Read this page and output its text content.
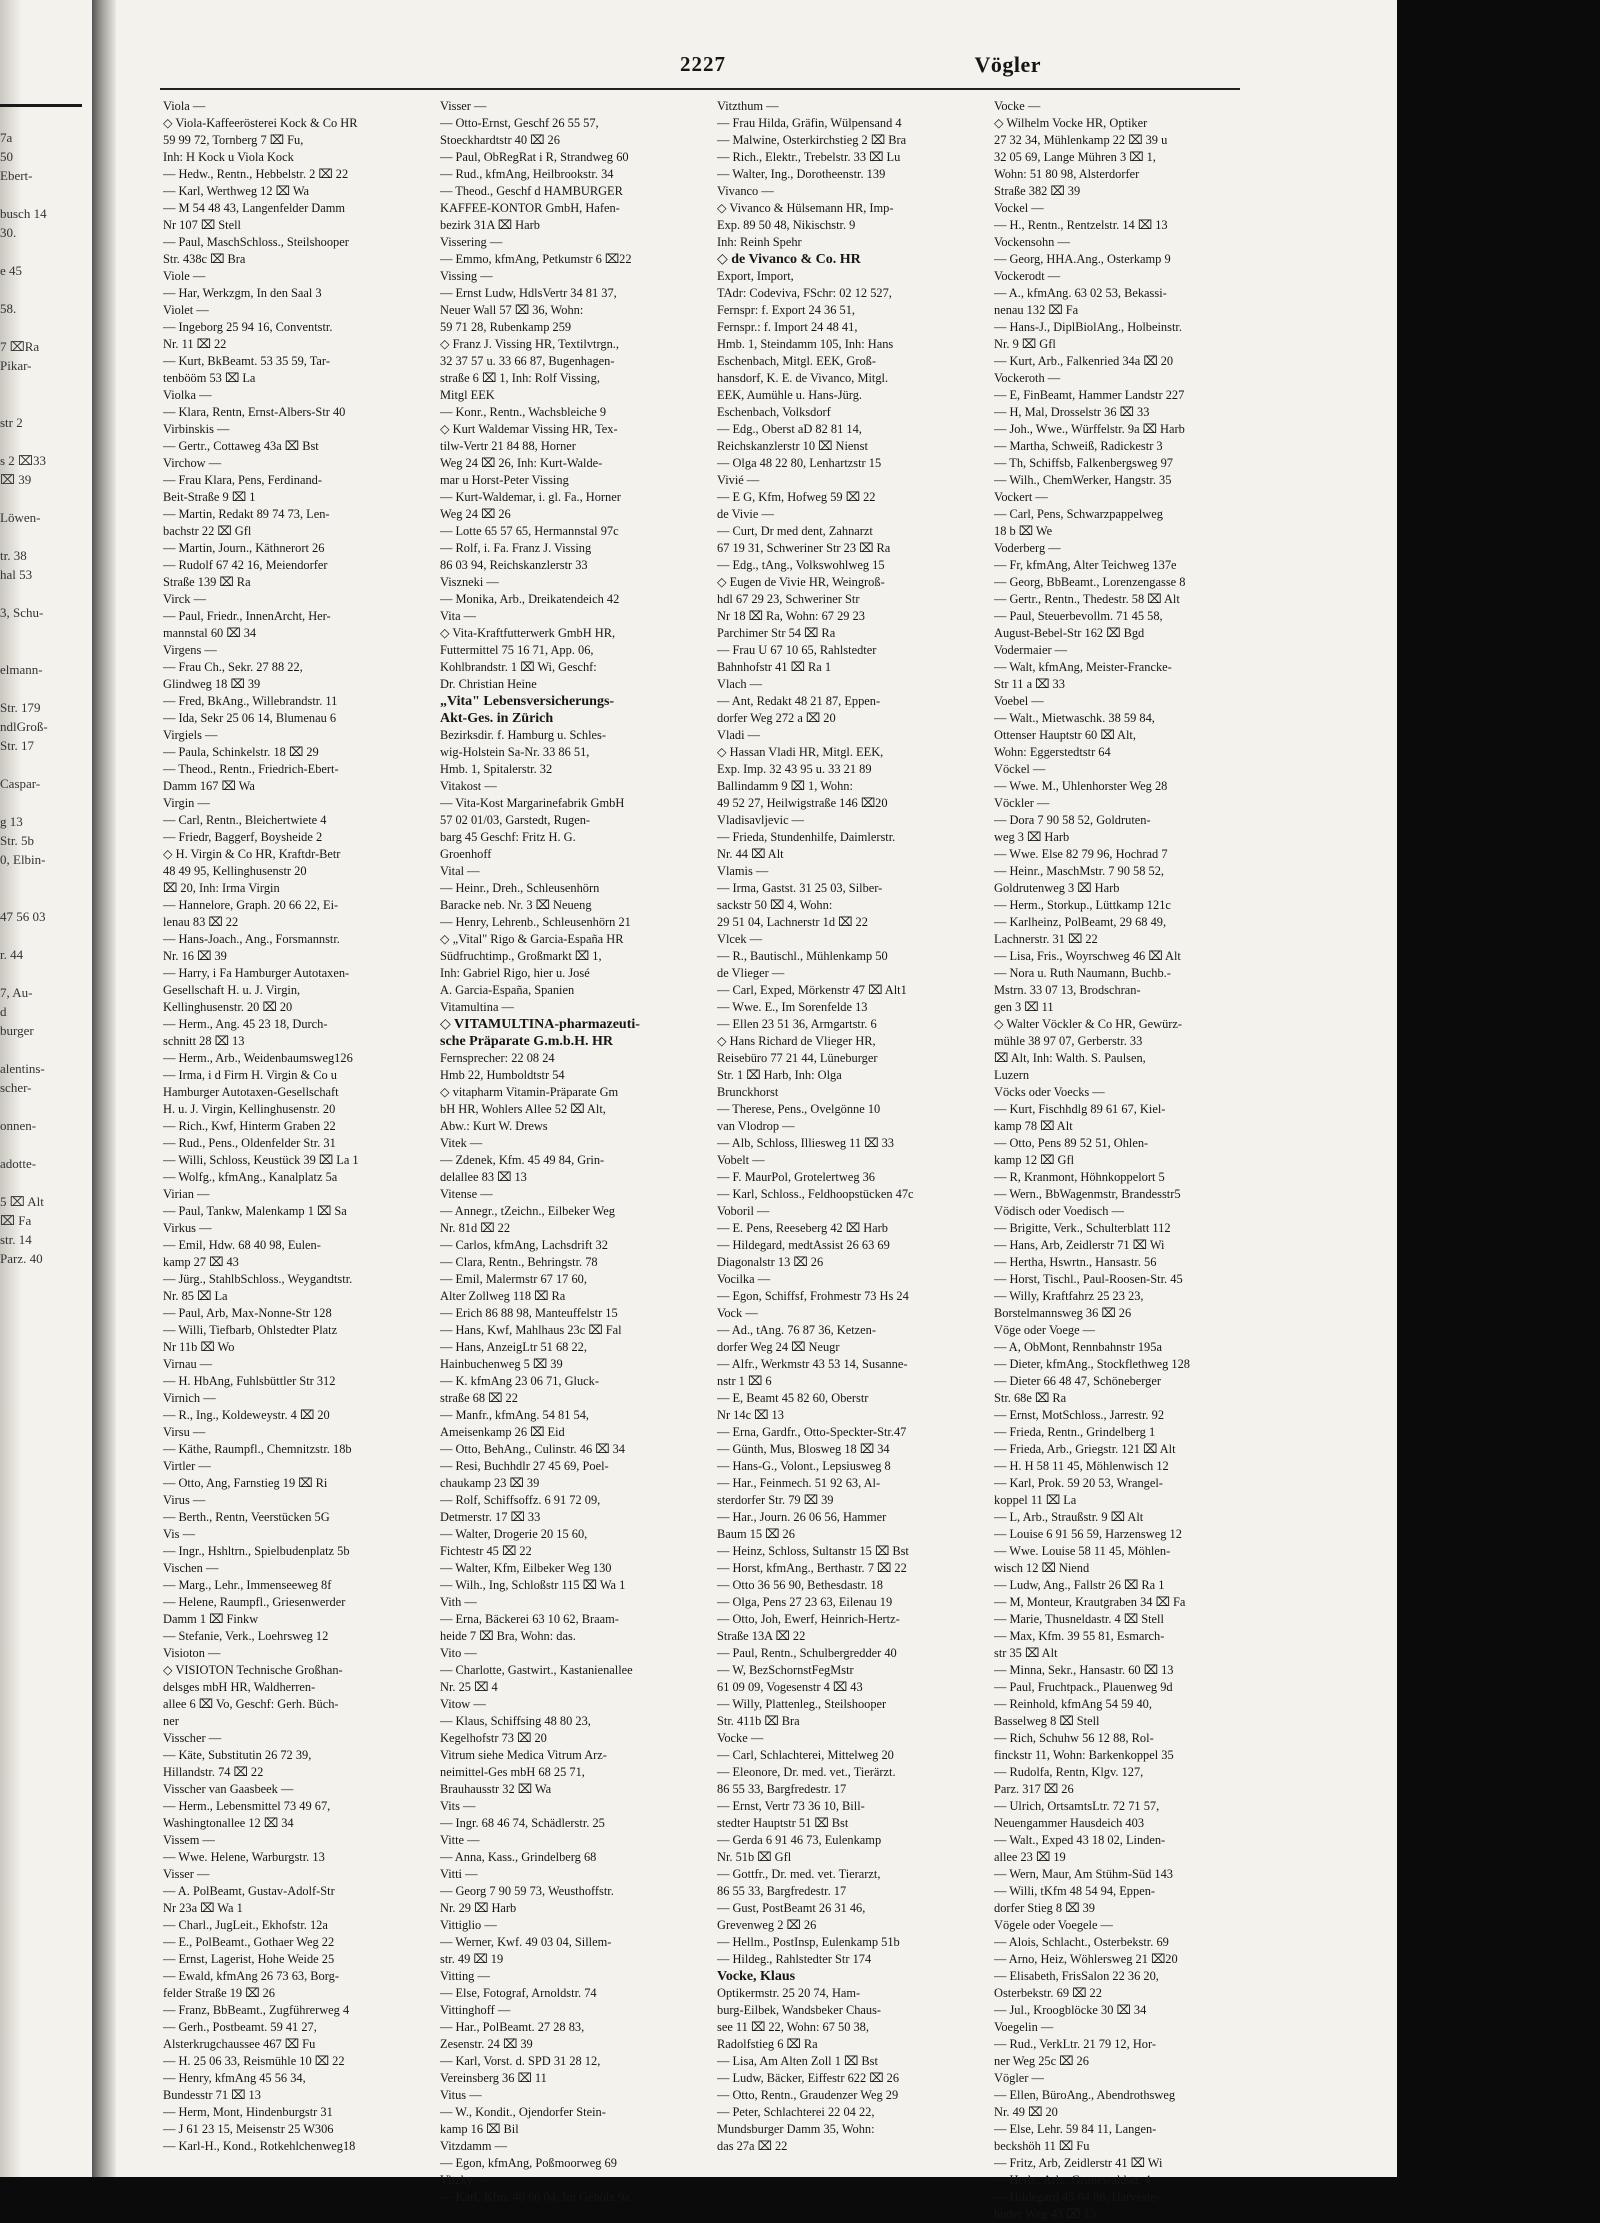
7a
50
Ebert-

busch 14
30.

e 45

58.

7 ⌧Ra
Pikar-

str 2

s 2 ⌧33
⌧ 39

Löwen-

tr. 38
hal 53

3, Schu-

elmann-

Str. 179
ndlGroß-
Str. 17

Caspar-

g 13
Str. 5b
0, Elbin-

47 56 03

r. 44

7, Au-
d
burger

alentins-
scher-

onnen-

adotte-

5 ⌧ Alt
⌧ Fa
str. 14
Parz. 40
2227	Vögler
Viola —
◇ Viola-Kaffeerösterei Kock & Co HR
59 99 72, Tornberg 7 ⌧ Fu,
Inh: H Kock u Viola Kock
— Hedw., Rentn., Hebbelstr. 2 ⌧ 22
— Karl, Werthweg 12 ⌧ Wa
— M 54 48 43, Langenfelder Damm
Nr 107 ⌧ Stell
— Paul, MaschSchloss., Steilshooper
Str. 438c ⌧ Bra
Viole —
— Har, Werkzgm, In den Saal 3
Violet —
— Ingeborg 25 94 16, Conventstr.
Nr. 11 ⌧ 22
— Kurt, BkBeamt. 53 35 59, Tar-
tenbööm 53 ⌧ La
Violka —
— Klara, Rentn, Ernst-Albers-Str 40
Virbinskis —
— Gertr., Cottaweg 43a ⌧ Bst
Virchow —
— Frau Klara, Pens, Ferdinand-
Beit-Straße 9 ⌧ 1
— Martin, Redakt 89 74 73, Len-
bachstr 22 ⌧ Gfl
— Martin, Journ., Käthnerort 26
— Rudolf 67 42 16, Meiendorfer
Straße 139 ⌧ Ra
Virck —
— Paul, Friedr., InnenArcht, Her-
mannstal 60 ⌧ 34
Virgens —
— Frau Ch., Sekr. 27 88 22,
Glindweg 18 ⌧ 39
— Fred, BkAng., Willebrandstr. 11
— Ida, Sekr 25 06 14, Blumenau 6
Virgiels —
— Paula, Schinkelstr. 18 ⌧ 29
— Theod., Rentn., Friedrich-Ebert-
Damm 167 ⌧ Wa
Virgin —
— Carl, Rentn., Bleichertwiete 4
— Friedr, Baggerf, Boysheide 2
◇ H. Virgin & Co HR, Kraftdr-Betr
48 49 95, Kellinghusenstr 20
⌧ 20, Inh: Irma Virgin
— Hannelore, Graph. 20 66 22, Ei-
lenau 83 ⌧ 22
— Hans-Joach., Ang., Forsmannstr.
Nr. 16 ⌧ 39
— Harry, i Fa Hamburger Autotaxen-
Gesellschaft H. u. J. Virgin,
Kellinghusenstr. 20 ⌧ 20
— Herm., Ang. 45 23 18, Durch-
schnitt 28 ⌧ 13
— Herm., Arb., Weidenbaumsweg126
— Irma, i d Firm H. Virgin & Co u
Hamburger Autotaxen-Gesellschaft
H. u. J. Virgin, Kellinghusenstr. 20
— Rich., Kwf, Hinterm Graben 22
— Rud., Pens., Oldenfelder Str. 31
— Willi, Schloss, Keustück 39 ⌧ La 1
— Wolfg., kfmAng., Kanalplatz 5a
Virian —
— Paul, Tankw, Malenkamp 1 ⌧ Sa
Virkus —
— Emil, Hdw. 68 40 98, Eulen-
kamp 27 ⌧ 43
— Jürg., StahlbSchloss., Weygandtstr.
Nr. 85 ⌧ La
— Paul, Arb, Max-Nonne-Str 128
— Willi, Tiefbarb, Ohlstedter Platz
Nr 11b ⌧ Wo
Virnau —
— H. HbAng, Fuhlsbüttler Str 312
Virnich —
— R., Ing., Koldeweystr. 4 ⌧ 20
Virsu —
— Käthe, Raumpfl., Chemnitzstr. 18b
Virtler —
— Otto, Ang, Farnstieg 19 ⌧ Ri
Virus —
— Berth., Rentn, Veerstücken 5G
Vis —
— Ingr., Hshltrn., Spielbudenplatz 5b
Vischen —
— Marg., Lehr., Immenseeweg 8f
— Helene, Raumpfl., Griesenwerder
Damm 1 ⌧ Finkw
— Stefanie, Verk., Loehrsweg 12
Visioton —
◇ VISIOTON Technische Großhan-
delsges mbH HR, Waldherren-
allee 6 ⌧ Vo, Geschf: Gerh. Büch-
ner
Visscher —
— Käte, Substitutin 26 72 39,
Hillandstr. 74 ⌧ 22
Visscher van Gaasbeek —
— Herm., Lebensmittel 73 49 67,
Washingtonallee 12 ⌧ 34
Vissem —
— Wwe. Helene, Warburgstr. 13
Visser —
— A. PolBeamt, Gustav-Adolf-Str
Nr 23a ⌧ Wa 1
— Charl., JugLeit., Ekhofstr. 12a
— E., PolBeamt., Gothaer Weg 22
— Ernst, Lagerist, Hohe Weide 25
— Ewald, kfmAng 26 73 63, Borg-
felder Straße 19 ⌧ 26
— Franz, BbBeamt., Zugführerweg 4
— Gerh., Postbeamt. 59 41 27,
Alsterkrugchaussee 467 ⌧ Fu
— H. 25 06 33, Reismühle 10 ⌧ 22
— Henry, kfmAng 45 56 34,
Bundesstr 71 ⌧ 13
— Herm, Mont, Hindenburgstr 31
— J 61 23 15, Meisenstr 25 W306
— Karl-H., Kond., Rotkehlchenweg18
Visser —
— Otto-Ernst, Geschf 26 55 57,
Stoeckhardtstr 40 ⌧ 26
— Paul, ObRegRat i R, Strandweg 60
— Rud., kfmAng, Heilbrookstr. 34
— Theod., Geschf d HAMBURGER
KAFFEE-KONTOR GmbH, Hafen-
bezirk 31A ⌧ Harb
Vissering —
— Emmo, kfmAng, Petkumstr 6 ⌧22
Vissing —
— Ernst Ludw, HdlsVertr 34 81 37,
Neuer Wall 57 ⌧ 36, Wohn:
59 71 28, Rubenkamp 259
◇ Franz J. Vissing HR, Textilvtrgn.,
32 37 57 u. 33 66 87, Bugenhagen-
straße 6 ⌧ 1, Inh: Rolf Vissing,
Mitgl EEK
— Konr., Rentn., Wachsbleiche 9
◇ Kurt Waldemar Vissing HR, Tex-
tilw-Vertr 21 84 88, Horner
Weg 24 ⌧ 26, Inh: Kurt-Walde-
mar u Horst-Peter Vissing
— Kurt-Waldemar, i. gl. Fa., Horner
Weg 24 ⌧ 26
— Lotte 65 57 65, Hermannstal 97c
— Rolf, i. Fa. Franz J. Vissing
86 03 94, Reichskanzlerstr 33
Viszneki —
— Monika, Arb., Dreikatendeich 42
Vita —
◇ Vita-Kraftfutterwerk GmbH HR,
Futtermittel 75 16 71, App. 06,
Kohlbrandstr. 1 ⌧ Wi, Geschf:
Dr. Christian Heine
„Vita" Lebensversicherungs-
Akt-Ges. in Zürich
Bezirksdir. f. Hamburg u. Schles-
wig-Holstein Sa-Nr. 33 86 51,
Hmb. 1, Spitalerstr. 32
Vitakost —
— Vita-Kost Margarinefabrik GmbH
57 02 01/03, Garstedt, Rugen-
barg 45 Geschf: Fritz H. G.
Groenhoff
Vital —
— Heinr., Dreh., Schleusenhörn
Baracke neb. Nr. 3 ⌧ Neueng
— Henry, Lehrenb., Schleusenhörn 21
◇ „Vital" Rigo & Garcia-España HR
Südfruchtimp., Großmarkt ⌧ 1,
Inh: Gabriel Rigo, hier u. José
A. Garcia-España, Spanien
Vitamultina —
◇ VITAMULTINA-pharmazeuti-
sche Präparate G.m.b.H. HR
Fernsprecher: 22 08 24
Hmb 22, Humboldtstr 54
◇ vitapharm Vitamin-Präparate Gm
bH HR, Wohlers Allee 52 ⌧ Alt,
Abw.: Kurt W. Drews
Vitek —
— Zdenek, Kfm. 45 49 84, Grin-
delallee 83 ⌧ 13
Vitense —
— Annegr., tZeichn., Eilbeker Weg
Nr. 81d ⌧ 22
— Carlos, kfmAng, Lachsdrift 32
— Clara, Rentn., Behringstr. 78
— Emil, Malermstr 67 17 60,
Alter Zollweg 118 ⌧ Ra
— Erich 86 88 98, Manteuffelstr 15
— Hans, Kwf, Mahlhaus 23c ⌧ Fal
— Hans, AnzeigLtr 51 68 22,
Hainbuchenweg 5 ⌧ 39
— K. kfmAng 23 06 71, Gluck-
straße 68 ⌧ 22
— Manfr., kfmAng. 54 81 54,
Ameisenkamp 26 ⌧ Eid
— Otto, BehAng., Culinstr. 46 ⌧ 34
— Resi, Buchhdlr 27 45 69, Poel-
chaukamp 23 ⌧ 39
— Rolf, Schiffsoffz. 6 91 72 09,
Detmerstr. 17 ⌧ 33
— Walter, Drogerie 20 15 60,
Fichtestr 45 ⌧ 22
— Walter, Kfm, Eilbeker Weg 130
— Wilh., Ing, Schloßstr 115 ⌧ Wa 1
Vith —
— Erna, Bäckerei 63 10 62, Braam-
heide 7 ⌧ Bra, Wohn: das.
Vito —
— Charlotte, Gastwirt., Kastanienallee
Nr. 25 ⌧ 4
Vitow —
— Klaus, Schiffsing 48 80 23,
Kegelhofstr 73 ⌧ 20
Vitrum siehe Medica Vitrum Arz-
neimittel-Ges mbH 68 25 71,
Brauhausstr 32 ⌧ Wa
Vits —
— Ingr. 68 46 74, Schädlerstr. 25
Vitte —
— Anna, Kass., Grindelberg 68
Vitti —
— Georg 7 90 59 73, Weusthoffstr.
Nr. 29 ⌧ Harb
Vittiglio —
— Werner, Kwf. 49 03 04, Sillem-
str. 49 ⌧ 19
Vitting —
— Else, Fotograf, Arnoldstr. 74
Vittinghoff —
— Har., PolBeamt. 27 28 83,
Zesenstr. 24 ⌧ 39
— Karl, Vorst. d. SPD 31 28 12,
Vereinsberg 36 ⌧ 11
Vitus —
— W., Kondit., Ojendorfer Stein-
kamp 16 ⌧ Bil
Vitzdamm —
— Egon, kfmAng, Poßmoorweg 69
Vitzky —
— Karl, Kfm. 40 66 04, Im Gehölz 9a
Vitzthum —
— Frau Hilda, Gräfin, Wülpensand 4
— Malwine, Osterkirchstieg 2 ⌧ Bra
— Rich., Elektr., Trebelstr. 33 ⌧ Lu
— Walter, Ing., Dorotheenstr. 139
Vivanco —
◇ Vivanco & Hülsemann HR, Imp-
Exp. 89 50 48, Nikischstr. 9
Inh: Reinh Spehr
◇ de Vivanco & Co. HR
Export, Import,
TAdr: Codeviva, FSchr: 02 12 527,
Fernspr: f. Export 24 36 51,
Fernspr.: f. Import 24 48 41,
Hmb. 1, Steindamm 105, Inh: Hans
Eschenbach, Mitgl. EEK, Groß-
hansdorf, K. E. de Vivanco, Mitgl.
EEK, Aumühle u. Hans-Jürg.
Eschenbach, Volksdorf
— Edg., Oberst aD 82 81 14,
Reichskanzlerstr 10 ⌧ Nienst
— Olga 48 22 80, Lenhartzstr 15
Vivié —
— E G, Kfm, Hofweg 59 ⌧ 22
de Vivie —
— Curt, Dr med dent, Zahnarzt
67 19 31, Schweriner Str 23 ⌧ Ra
— Edg., tAng., Volkswohlweg 15
◇ Eugen de Vivie HR, Weingroß-
hdl 67 29 23, Schweriner Str
Nr 18 ⌧ Ra, Wohn: 67 29 23
Parchimer Str 54 ⌧ Ra
— Frau U 67 10 65, Rahlstedter
Bahnhofstr 41 ⌧ Ra 1
Vlach —
— Ant, Redakt 48 21 87, Eppen-
dorfer Weg 272 a ⌧ 20
Vladi —
◇ Hassan Vladi HR, Mitgl. EEK,
Exp. Imp. 32 43 95 u. 33 21 89
Ballindamm 9 ⌧ 1, Wohn:
49 52 27, Heilwigstraße 146 ⌧20
Vladisavljevic —
— Frieda, Stundenhilfe, Daimlerstr.
Nr. 44 ⌧ Alt
Vlamis —
— Irma, Gastst. 31 25 03, Silber-
sackstr 50 ⌧ 4, Wohn:
29 51 04, Lachnerstr 1d ⌧ 22
Vlcek —
— R., Bautischl., Mühlenkamp 50
de Vlieger —
— Carl, Exped, Mörkenstr 47 ⌧ Alt1
— Wwe. E., Im Sorenfelde 13
— Ellen 23 51 36, Armgartstr. 6
◇ Hans Richard de Vlieger HR,
Reisebüro 77 21 44, Lüneburger
Str. 1 ⌧ Harb, Inh: Olga
Brunckhorst
— Therese, Pens., Ovelgönne 10
van Vlodrop —
— Alb, Schloss, Illiesweg 11 ⌧ 33
Vobelt —
— F. MaurPol, Grotelertweg 36
— Karl, Schloss., Feldhoopstücken 47c
Voboril —
— E. Pens, Reeseberg 42 ⌧ Harb
— Hildegard, medtAssist 26 63 69
Diagonalstr 13 ⌧ 26
Vocilka —
— Egon, Schiffsf, Frohmestr 73 Hs 24
Vock —
— Ad., tAng. 76 87 36, Ketzen-
dorfer Weg 24 ⌧ Neugr
— Alfr., Werkmstr 43 53 14, Susanne-
nstr 1 ⌧ 6
— E, Beamt 45 82 60, Oberstr
Nr 14c ⌧ 13
— Erna, Gardfr., Otto-Speckter-Str.47
— Günth, Mus, Blosweg 18 ⌧ 34
— Hans-G., Volont., Lepsiusweg 8
— Har., Feinmech. 51 92 63, Al-
sterdorfer Str. 79 ⌧ 39
— Har., Journ. 26 06 56, Hammer
Baum 15 ⌧ 26
— Heinz, Schloss, Sultanstr 15 ⌧ Bst
— Horst, kfmAng., Berthastr. 7 ⌧ 22
— Otto 36 56 90, Bethesdastr. 18
— Olga, Pens 27 23 63, Eilenau 19
— Otto, Joh, Ewerf, Heinrich-Hertz-
Straße 13A ⌧ 22
— Paul, Rentn., Schulbergredder 40
— W, BezSchornstFegMstr
61 09 09, Vogesenstr 4 ⌧ 43
— Willy, Plattenleg., Steilshooper
Str. 411b ⌧ Bra
Vocke —
— Carl, Schlachterei, Mittelweg 20
— Eleonore, Dr. med. vet., Tierärzt.
86 55 33, Bargfredestr. 17
— Ernst, Vertr 73 36 10, Bill-
stedter Hauptstr 51 ⌧ Bst
— Gerda 6 91 46 73, Eulenkamp
Nr. 51b ⌧ Gfl
— Gottfr., Dr. med. vet. Tierarzt,
86 55 33, Bargfredestr. 17
— Gust, PostBeamt 26 31 46,
Grevenweg 2 ⌧ 26
— Hellm., PostInsp, Eulenkamp 51b
— Hildeg., Rahlstedter Str 174
Vocke, Klaus
Optikermstr. 25 20 74, Ham-
burg-Eilbek, Wandsbeker Chaus-
see 11 ⌧ 22, Wohn: 67 50 38,
Radolfstieg 6 ⌧ Ra
— Lisa, Am Alten Zoll 1 ⌧ Bst
— Ludw, Bäcker, Eiffestr 622 ⌧ 26
— Otto, Rentn., Graudenzer Weg 29
— Peter, Schlachterei 22 04 22,
Mundsburger Damm 35, Wohn:
das 27a ⌧ 22
Vocke —
◇ Wilhelm Vocke HR, Optiker
27 32 34, Mühlenkamp 22 ⌧ 39 u
32 05 69, Lange Mühren 3 ⌧ 1,
Wohn: 51 80 98, Alsterdorfer
Straße 382 ⌧ 39
Vockel —
— H., Rentn., Rentzelstr. 14 ⌧ 13
Vockensohn —
— Georg, HHA.Ang., Osterkamp 9
Vockerodt —
— A., kfmAng. 63 02 53, Bekassi-
nenau 132 ⌧ Fa
— Hans-J., DiplBiolAng., Holbeinstr.
Nr. 9 ⌧ Gfl
— Kurt, Arb., Falkenried 34a ⌧ 20
Vockeroth —
— E, FinBeamt, Hammer Landstr 227
— H, Mal, Drosselstr 36 ⌧ 33
— Joh., Wwe., Würffelstr. 9a ⌧ Harb
— Martha, Schweiß, Radickestr 3
— Th, Schiffsb, Falkenbergsweg 97
— Wilh., ChemWerker, Hangstr. 35
Vockert —
— Carl, Pens, Schwarzpappelweg
18 b ⌧ We
Voderberg —
— Fr, kfmAng, Alter Teichweg 137e
— Georg, BbBeamt., Lorenzengasse 8
— Gertr., Rentn., Thedestr. 58 ⌧ Alt
— Paul, Steuerbevollm. 71 45 58,
August-Bebel-Str 162 ⌧ Bgd
Vodermaier —
— Walt, kfmAng, Meister-Francke-
Str 11 a ⌧ 33
Voebel —
— Walt., Mietwaschk. 38 59 84,
Ottenser Hauptstr 60 ⌧ Alt,
Wohn: Eggerstedtstr 64
Vöckel —
— Wwe. M., Uhlenhorster Weg 28
Vöckler —
— Dora 7 90 58 52, Goldruten-
weg 3 ⌧ Harb
— Wwe. Else 82 79 96, Hochrad 7
— Heinr., MaschMstr. 7 90 58 52,
Goldrutenweg 3 ⌧ Harb
— Herm., Storkup., Lüttkamp 121c
— Karlheinz, PolBeamt, 29 68 49,
Lachnerstr. 31 ⌧ 22
— Lisa, Fris., Woyrschweg 46 ⌧ Alt
— Nora u. Ruth Naumann, Buchb.-
Mstrn. 33 07 13, Brodschran-
gen 3 ⌧ 11
◇ Walter Vöckler & Co HR, Gewürz-
mühle 38 97 07, Gerberstr. 33
⌧ Alt, Inh: Walth. S. Paulsen,
Luzern
Vöcks oder Voecks —
— Kurt, Fischhdlg 89 61 67, Kiel-
kamp 78 ⌧ Alt
— Otto, Pens 89 52 51, Ohlen-
kamp 12 ⌧ Gfl
— R, Kranmont, Höhnkoppelort 5
— Wern., BbWagenmstr, Brandesstr5
Vödisch oder Voedisch —
— Brigitte, Verk., Schulterblatt 112
— Hans, Arb, Zeidlerstr 71 ⌧ Wi
— Hertha, Hswrtn., Hansastr. 56
— Horst, Tischl., Paul-Roosen-Str. 45
— Willy, Kraftfahrz 25 23 23,
Borstelmannsweg 36 ⌧ 26
Vöge oder Voege —
— A, ObMont, Rennbahnstr 195a
— Dieter, kfmAng., Stockflethweg 128
— Dieter 66 48 47, Schöneberger
Str. 68e ⌧ Ra
— Ernst, MotSchloss., Jarrestr. 92
— Frieda, Rentn., Grindelberg 1
— Frieda, Arb., Griegstr. 121 ⌧ Alt
— H. H 58 11 45, Möhlenwisch 12
— Karl, Prok. 59 20 53, Wrangel-
koppel 11 ⌧ La
— L, Arb., Straußstr. 9 ⌧ Alt
— Louise 6 91 56 59, Harzensweg 12
— Wwe. Louise 58 11 45, Möhlen-
wisch 12 ⌧ Niend
— Ludw, Ang., Fallstr 26 ⌧ Ra 1
— M, Monteur, Krautgraben 34 ⌧ Fa
— Marie, Thusneldastr. 4 ⌧ Stell
— Max, Kfm. 39 55 81, Esmarch-
str 35 ⌧ Alt
— Minna, Sekr., Hansastr. 60 ⌧ 13
— Paul, Fruchtpack., Plauenweg 9d
— Reinhold, kfmAng 54 59 40,
Basselweg 8 ⌧ Stell
— Rich, Schuhw 56 12 88, Rol-
finckstr 11, Wohn: Barkenkoppel 35
— Rudolfa, Rentn, Klgv. 127,
Parz. 317 ⌧ 26
— Ulrich, OrtsamtsLtr. 72 71 57,
Neuengammer Hausdeich 403
— Walt., Exped 43 18 02, Linden-
allee 23 ⌧ 19
— Wern, Maur, Am Stühm-Süd 143
— Willi, tKfm 48 54 94, Eppen-
dorfer Stieg 8 ⌧ 39
Vögele oder Voegele —
— Alois, Schlacht., Osterbekstr. 69
— Arno, Heiz, Wöhlersweg 21 ⌧20
— Elisabeth, FrisSalon 22 36 20,
Osterbekstr. 69 ⌧ 22
— Jul., Kroogblöcke 30 ⌧ 34
Voegelin —
— Rud., VerkLtr. 21 79 12, Hor-
ner Weg 25c ⌧ 26
Vögler —
— Ellen, BüroAng., Abendrothsweg
Nr. 49 ⌧ 20
— Else, Lehr. 59 84 11, Langen-
beckshöh 11 ⌧ Fu
— Fritz, Arb, Zeidlerstr 41 ⌧ Wi
— Herb., Arb., Grunewaldstr. 4
— Hildegard 45 04 88, Harveste-
huder Weg 43 ⌧ 13
